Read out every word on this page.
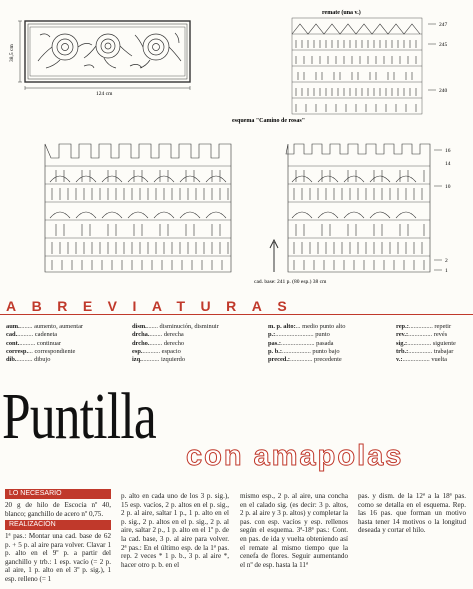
38,5 cm
124 cm
remate (una v.)
247
245
240
esquema "Camino de rosas"
16
14
10
2
1
cad. base: 241 p. (80 esp.) 38 cm
ABREVIATURAS
aum......... aumento, aumentar
cad........... cadeneta
cont........... continuar
corresp.... correspondiente
dib........... dibujo
dism........ disminución, disminuir
drcha......... derecha
drcho......... derecho
esp............ espacio
izq............ izquierdo
m. p. alto:... medio punto alto
p.:........................ punto
pas.:..................... pasada
p. b.:.................. punto bajo
preced.:.............. precedente
rep.:............... repetir
rev.:............... revés
sig.:............... siguiente
trb.:............... trabajar
v.:................. vuelta
Puntilla
con amapolas
LO NECESARIO
20 g de hilo de Escocia nº 40, blanco; ganchillo de acero nº 0,75.
REALIZACIÓN
1ª pas.: Montar una cad. base de 62 p. + 5 p. al aire para volver. Clavar 1 p. alto en el 9º p. a partir del ganchillo y trb.: 1 esp. vacío (= 2 p. al aire, 1 p. alto en el 3º p. sig.), 1 esp. relleno (= 1
p. alto en cada uno de los 3 p. sig.), 15 esp. vacíos, 2 p. altos en el p. sig., 2 p. al aire, saltar 1 p., 1 p. alto en el p. sig., 2 p. altos en el p. sig., 2 p. al aire, saltar 2 p., 1 p. alto en el 1º p. de la cad. base, 3 p. al aire para volver. 2ª pas.: En el último esp. de la 1ª pas. rep. 2 veces * 1 p. b., 3 p. al aire *, hacer otro p. b. en el
mismo esp., 2 p. al aire, una concha en el calado sig. (es decir: 3 p. altos, 2 p. al aire y 3 p. altos) y completar la pas. con esp. vacíos y esp. rellenos según el esquema. 3ª-18ª pas.: Cont. en pas. de ida y vuelta obteniendo así el remate al mismo tiempo que la cenefa de flores. Seguir aumentando el nº de esp. hasta la 11ª
pas. y dism. de la 12ª a la 18ª pas. como se detalla en el esquema. Rep. las 16 pas. que forman un motivo hasta tener 14 motivos o la longitud deseada y cortar el hilo.
